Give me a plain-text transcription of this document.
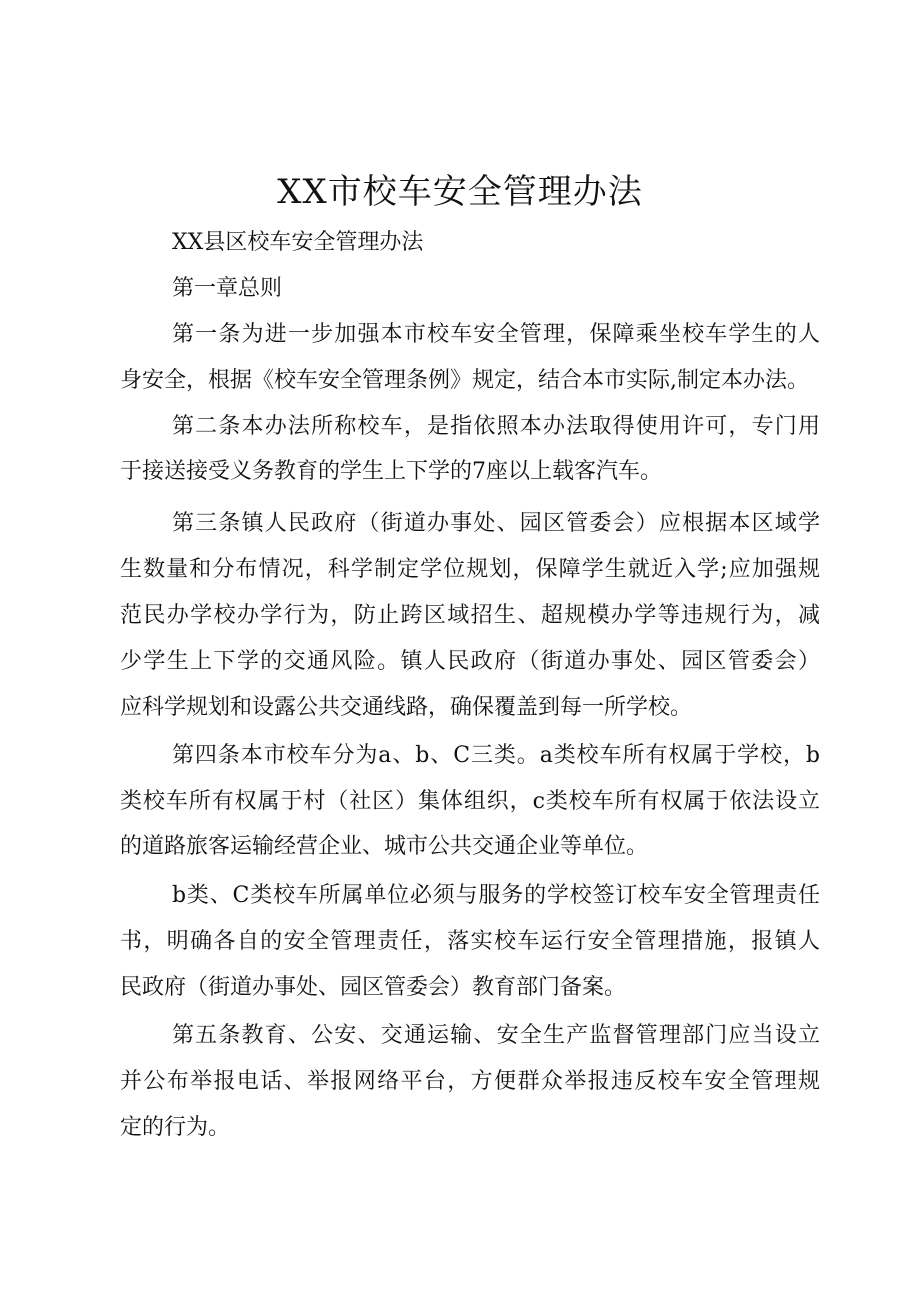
XX市校车安全管理办法

XX县区校车安全管理办法

第一章总则

第一条为进一步加强本市校车安全管理，保障乘坐校车学生的人

身安全，根据《校车安全管理条例》规定，结合本市实际,制定本办法。

第二条本办法所称校车，是指依照本办法取得使用许可，专门用

于接送接受义务教育的学生上下学的7座以上载客汽车。

第三条镇人民政府（街道办事处、园区管委会）应根据本区域学

生数量和分布情况，科学制定学位规划，保障学生就近入学;应加强规

范民办学校办学行为，防止跨区域招生、超规模办学等违规行为，减

少学生上下学的交通风险。镇人民政府（街道办事处、园区管委会）

应科学规划和设露公共交通线路，确保覆盖到每一所学校。

第四条本市校车分为a、b、C三类。a类校车所有权属于学校，b

类校车所有权属于村（社区）集体组织，c类校车所有权属于依法设立

的道路旅客运输经营企业、城市公共交通企业等单位。

b类、C类校车所属单位必须与服务的学校签订校车安全管理责任

书，明确各自的安全管理责任，落实校车运行安全管理措施，报镇人

民政府（街道办事处、园区管委会）教育部门备案。

第五条教育、公安、交通运输、安全生产监督管理部门应当设立

并公布举报电话、举报网络平台，方便群众举报违反校车安全管理规

定的行为。
